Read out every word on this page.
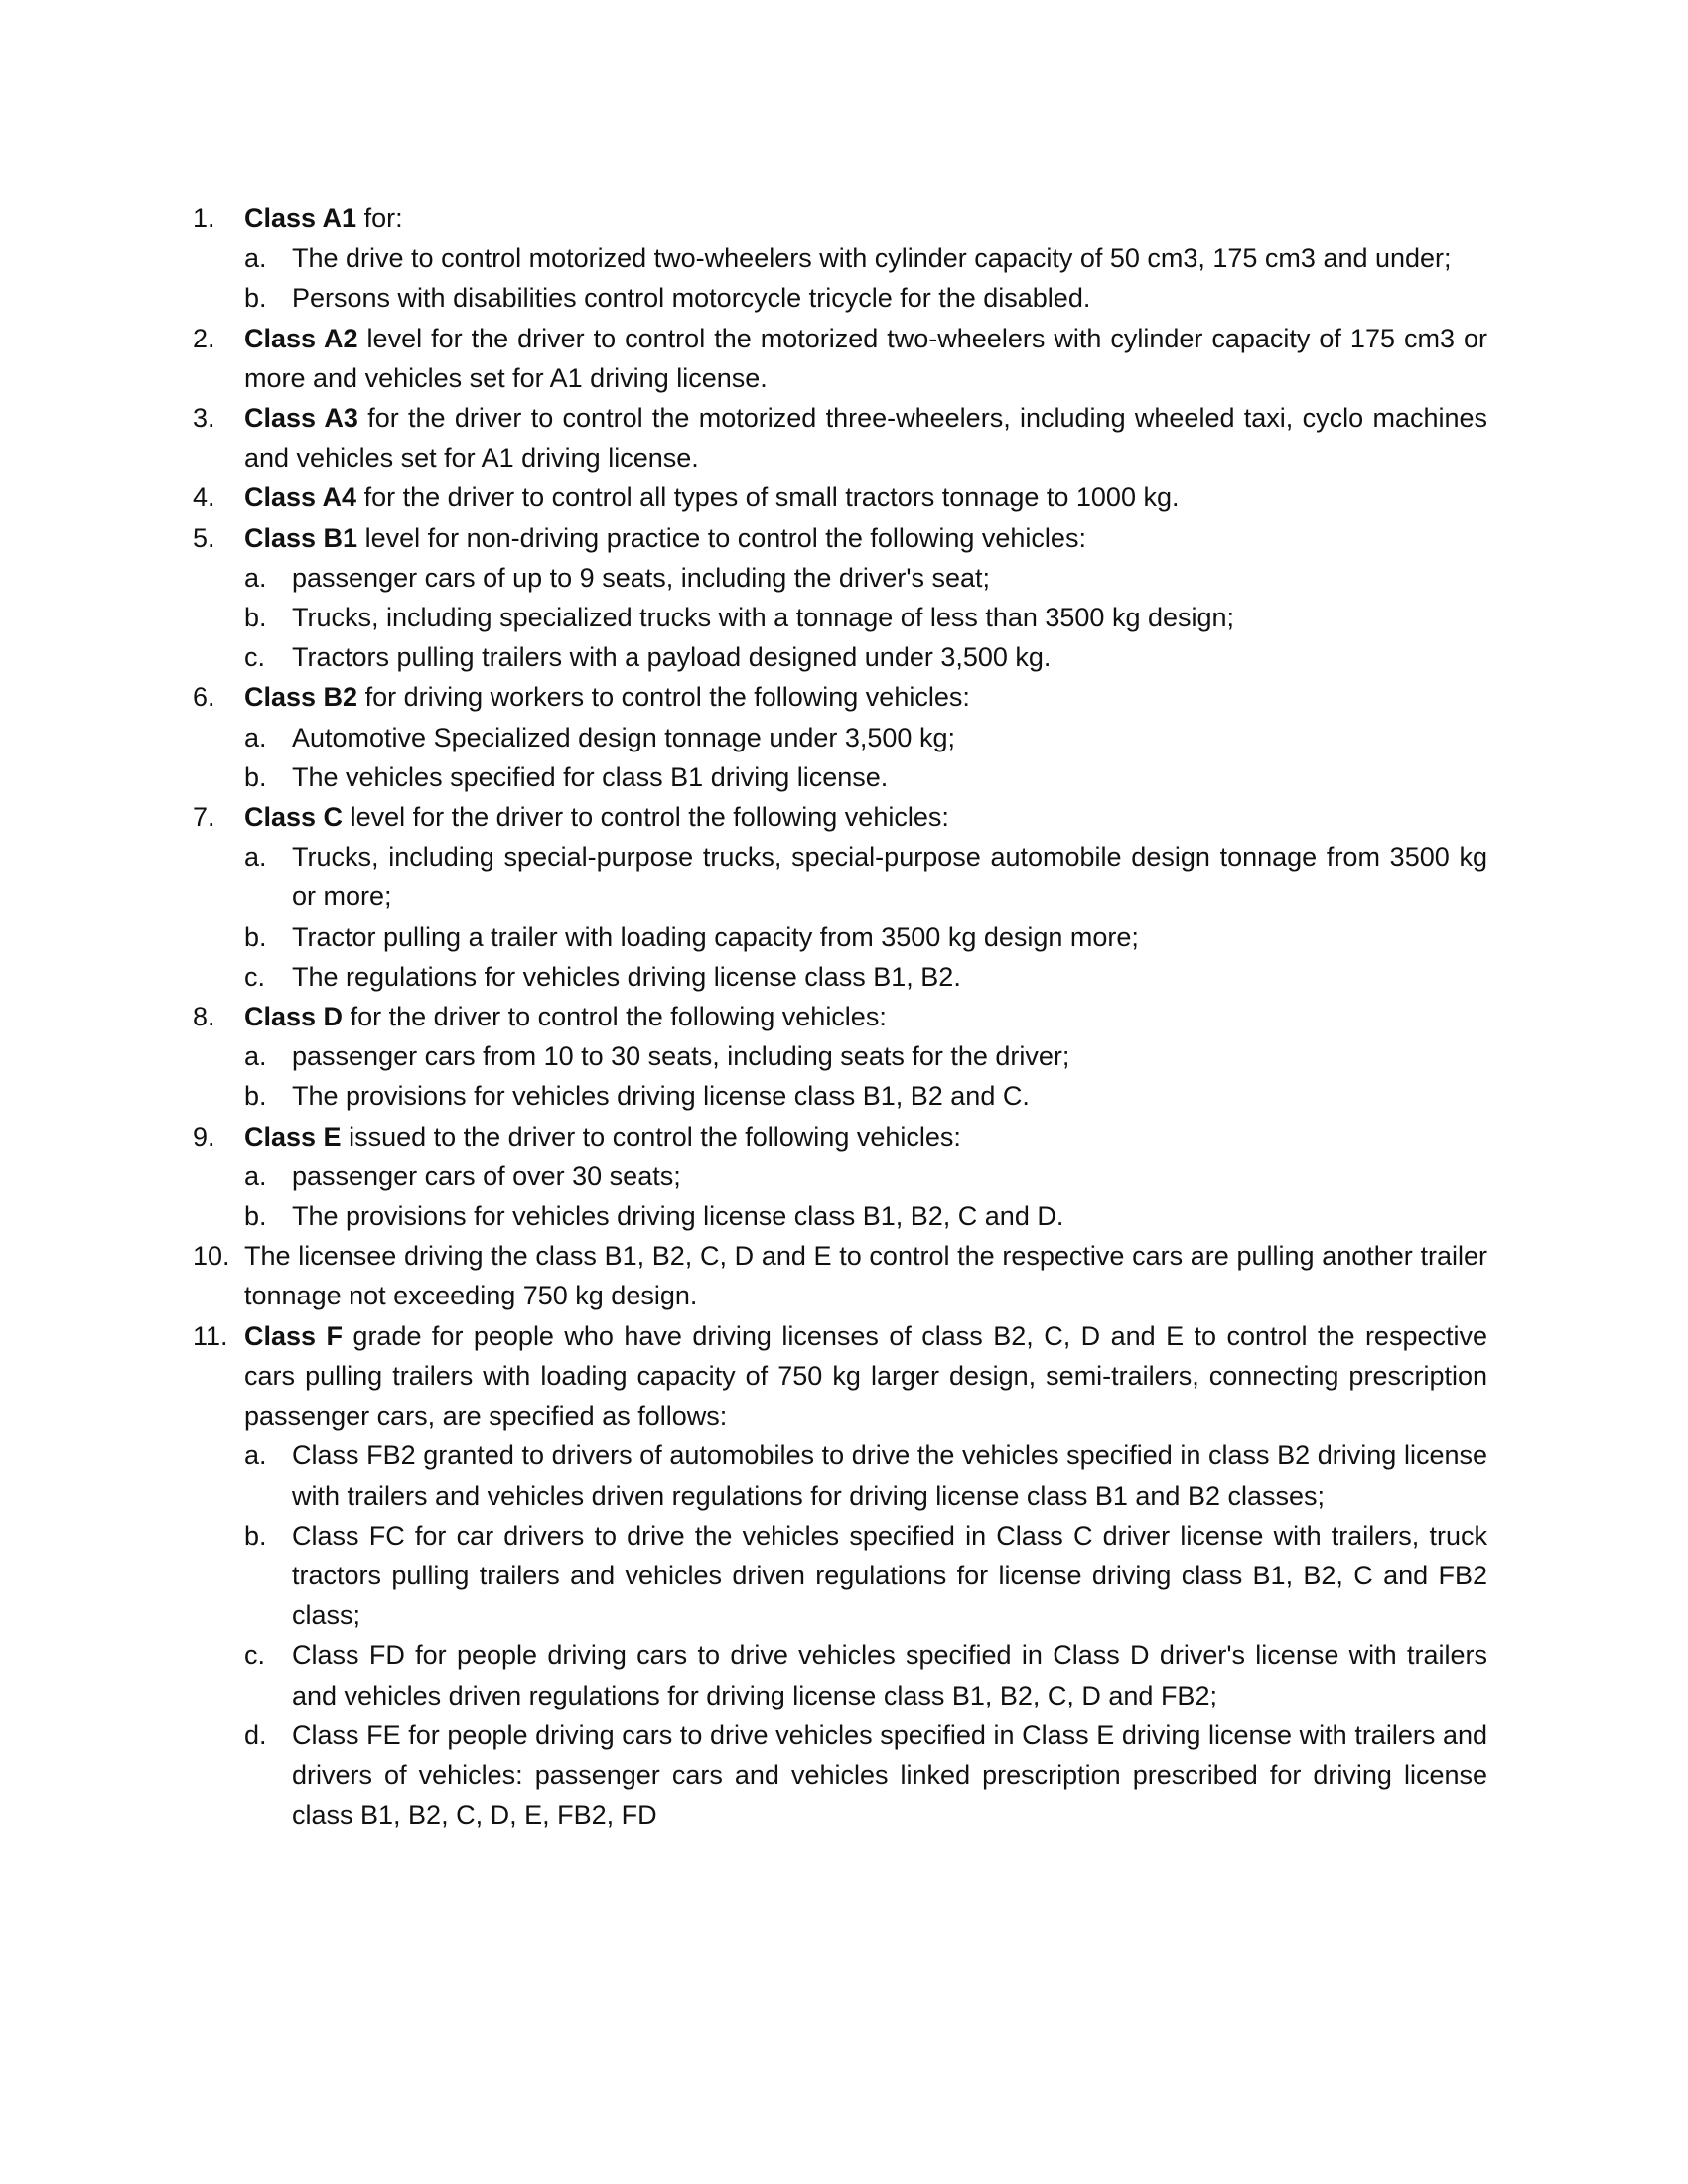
1.	Class A1 for:
a. The drive to control motorized two-wheelers with cylinder capacity of 50 cm3, 175 cm3 and under;
b. Persons with disabilities control motorcycle tricycle for the disabled.
2.	Class A2 level for the driver to control the motorized two-wheelers with cylinder capacity of 175 cm3 or more and vehicles set for A1 driving license.
3.	Class A3 for the driver to control the motorized three-wheelers, including wheeled taxi, cyclo machines and vehicles set for A1 driving license.
4.	Class A4 for the driver to control all types of small tractors tonnage to 1000 kg.
5.	Class B1 level for non-driving practice to control the following vehicles:
a. passenger cars of up to 9 seats, including the driver's seat;
b. Trucks, including specialized trucks with a tonnage of less than 3500 kg design;
c. Tractors pulling trailers with a payload designed under 3,500 kg.
6.	Class B2 for driving workers to control the following vehicles:
a. Automotive Specialized design tonnage under 3,500 kg;
b. The vehicles specified for class B1 driving license.
7.	Class C level for the driver to control the following vehicles:
a. Trucks, including special-purpose trucks, special-purpose automobile design tonnage from 3500 kg or more;
b. Tractor pulling a trailer with loading capacity from 3500 kg design more;
c. The regulations for vehicles driving license class B1, B2.
8.	Class D for the driver to control the following vehicles:
a. passenger cars from 10 to 30 seats, including seats for the driver;
b. The provisions for vehicles driving license class B1, B2 and C.
9.	Class E issued to the driver to control the following vehicles:
a. passenger cars of over 30 seats;
b. The provisions for vehicles driving license class B1, B2, C and D.
10. The licensee driving the class B1, B2, C, D and E to control the respective cars are pulling another trailer tonnage not exceeding 750 kg design.
11. Class F grade for people who have driving licenses of class B2, C, D and E to control the respective cars pulling trailers with loading capacity of 750 kg larger design, semi-trailers, connecting prescription passenger cars, are specified as follows:
a. Class FB2 granted to drivers of automobiles to drive the vehicles specified in class B2 driving license with trailers and vehicles driven regulations for driving license class B1 and B2 classes;
b. Class FC for car drivers to drive the vehicles specified in Class C driver license with trailers, truck tractors pulling trailers and vehicles driven regulations for license driving class B1, B2, C and FB2 class;
c. Class FD for people driving cars to drive vehicles specified in Class D driver's license with trailers and vehicles driven regulations for driving license class B1, B2, C, D and FB2;
d. Class FE for people driving cars to drive vehicles specified in Class E driving license with trailers and drivers of vehicles: passenger cars and vehicles linked prescription prescribed for driving license class B1, B2, C, D, E, FB2, FD
